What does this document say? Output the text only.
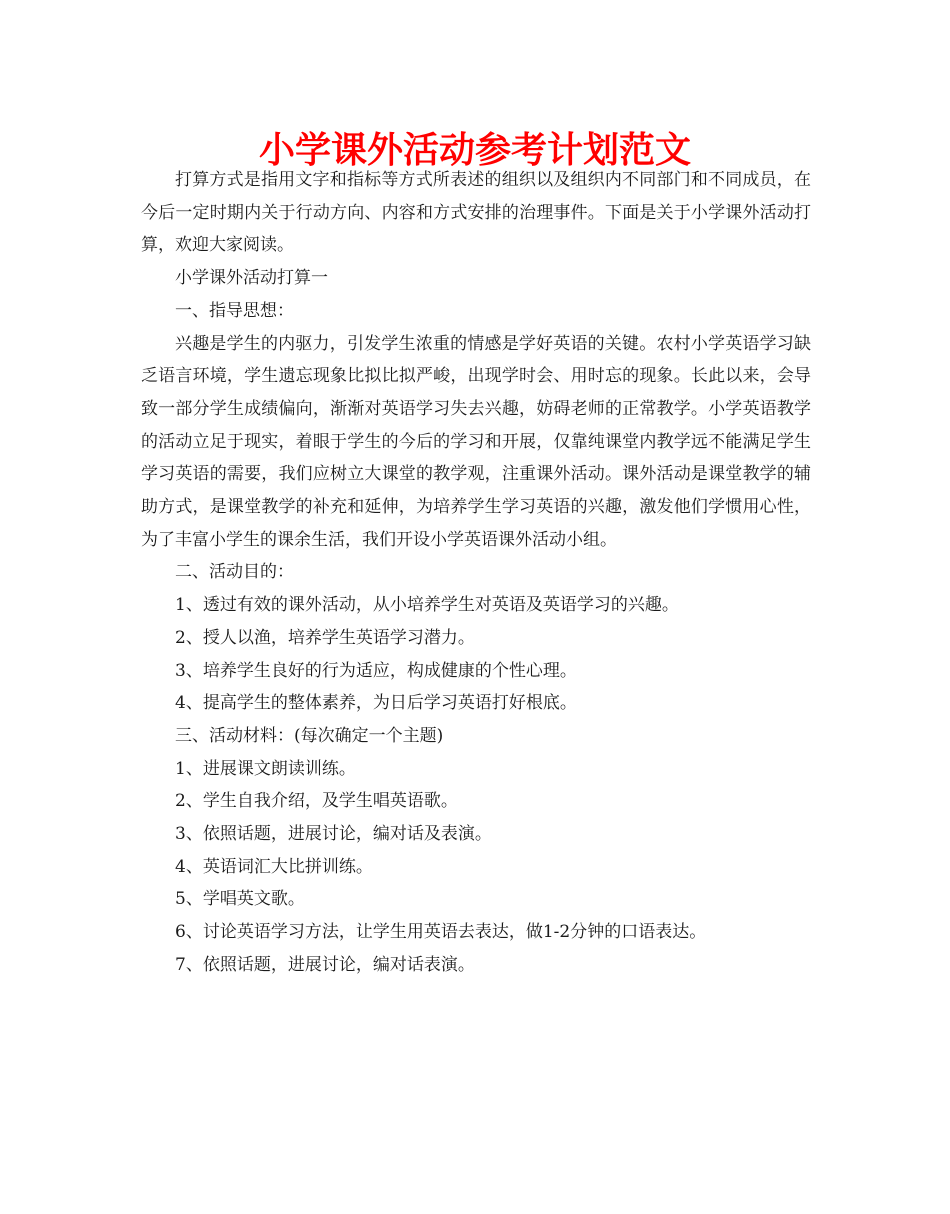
小学课外活动参考计划范文

打算方式是指用文字和指标等方式所表述的组织以及组织内不同部门和不同成员，在今后一定时期内关于行动方向、内容和方式安排的治理事件。下面是关于小学课外活动打算，欢迎大家阅读。

小学课外活动打算一

一、指导思想：

兴趣是学生的内驱力，引发学生浓重的情感是学好英语的关键。农村小学英语学习缺乏语言环境，学生遗忘现象比拟比拟严峻，出现学时会、用时忘的现象。长此以来，会导致一部分学生成绩偏向，渐渐对英语学习失去兴趣，妨碍老师的正常教学。小学英语教学的活动立足于现实，着眼于学生的今后的学习和开展，仅靠纯课堂内教学远不能满足学生学习英语的需要，我们应树立大课堂的教学观，注重课外活动。课外活动是课堂教学的辅助方式，是课堂教学的补充和延伸，为培养学生学习英语的兴趣，激发他们学惯用心性，为了丰富小学生的课余生活，我们开设小学英语课外活动小组。

二、活动目的：

1、透过有效的课外活动，从小培养学生对英语及英语学习的兴趣。

2、授人以渔，培养学生英语学习潜力。

3、培养学生良好的行为适应，构成健康的个性心理。

4、提高学生的整体素养，为日后学习英语打好根底。

三、活动材料：(每次确定一个主题)

1、进展课文朗读训练。

2、学生自我介绍，及学生唱英语歌。

3、依照话题，进展讨论，编对话及表演。

4、英语词汇大比拼训练。

5、学唱英文歌。

6、讨论英语学习方法，让学生用英语去表达，做1-2分钟的口语表达。

7、依照话题，进展讨论，编对话表演。
